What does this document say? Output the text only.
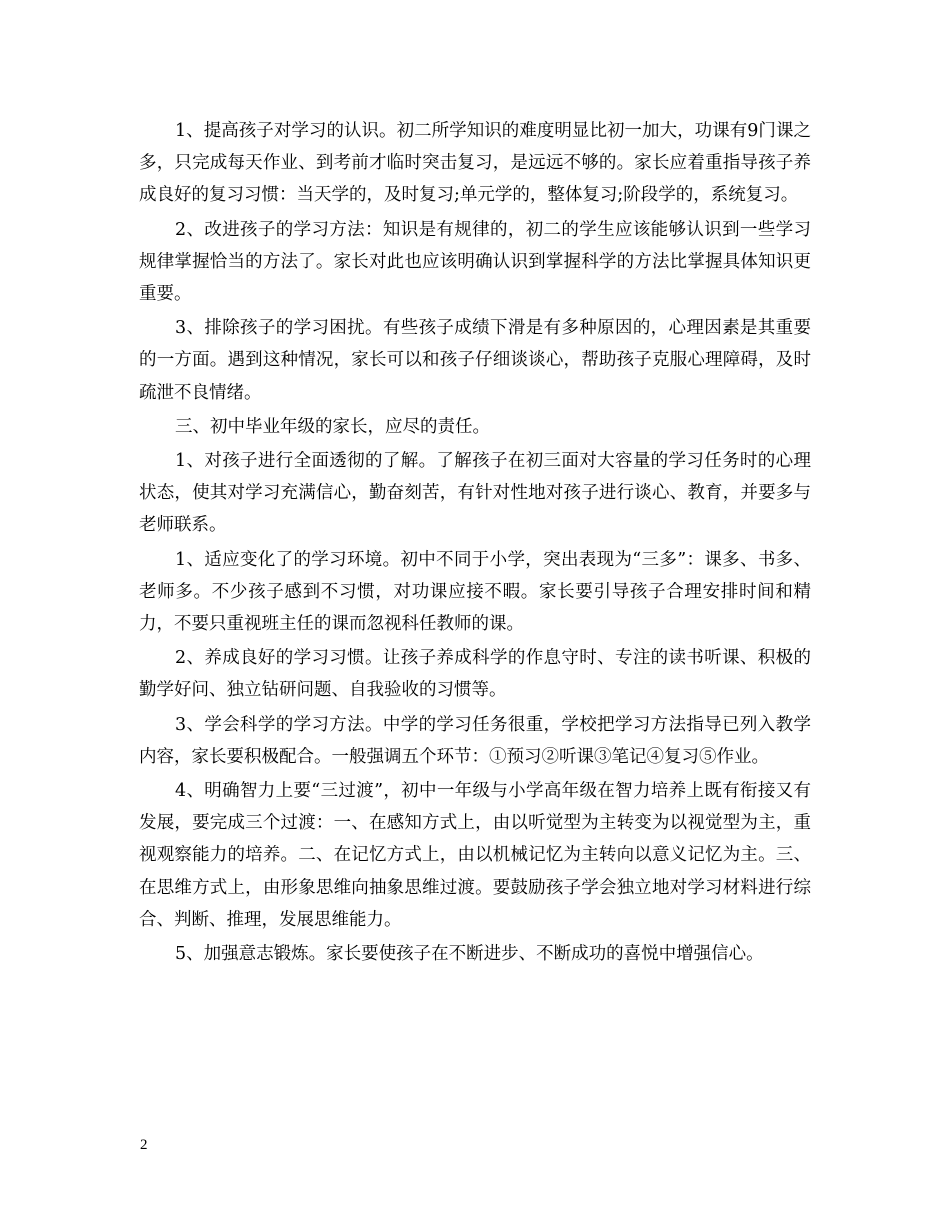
1、提高孩子对学习的认识。初二所学知识的难度明显比初一加大，功课有9门课之多，只完成每天作业、到考前才临时突击复习，是远远不够的。家长应着重指导孩子养成良好的复习习惯：当天学的，及时复习;单元学的，整体复习;阶段学的，系统复习。

2、改进孩子的学习方法：知识是有规律的，初二的学生应该能够认识到一些学习规律掌握恰当的方法了。家长对此也应该明确认识到掌握科学的方法比掌握具体知识更重要。

3、排除孩子的学习困扰。有些孩子成绩下滑是有多种原因的，心理因素是其重要的一方面。遇到这种情况，家长可以和孩子仔细谈谈心，帮助孩子克服心理障碍，及时疏泄不良情绪。

三、初中毕业年级的家长，应尽的责任。

1、对孩子进行全面透彻的了解。了解孩子在初三面对大容量的学习任务时的心理状态，使其对学习充满信心，勤奋刻苦，有针对性地对孩子进行谈心、教育，并要多与老师联系。

1、适应变化了的学习环境。初中不同于小学，突出表现为“三多”：课多、书多、老师多。不少孩子感到不习惯，对功课应接不暇。家长要引导孩子合理安排时间和精力，不要只重视班主任的课而忽视科任教师的课。

2、养成良好的学习习惯。让孩子养成科学的作息守时、专注的读书听课、积极的勤学好问、独立钻研问题、自我验收的习惯等。

3、学会科学的学习方法。中学的学习任务很重，学校把学习方法指导已列入教学内容，家长要积极配合。一般强调五个环节：①预习②听课③笔记④复习⑤作业。

4、明确智力上要“三过渡”，初中一年级与小学高年级在智力培养上既有衔接又有发展，要完成三个过渡：一、在感知方式上，由以听觉型为主转变为以视觉型为主，重视观察能力的培养。二、在记忆方式上，由以机械记忆为主转向以意义记忆为主。三、在思维方式上，由形象思维向抽象思维过渡。要鼓励孩子学会独立地对学习材料进行综合、判断、推理，发展思维能力。

5、加强意志锻炼。家长要使孩子在不断进步、不断成功的喜悦中增强信心。

2
